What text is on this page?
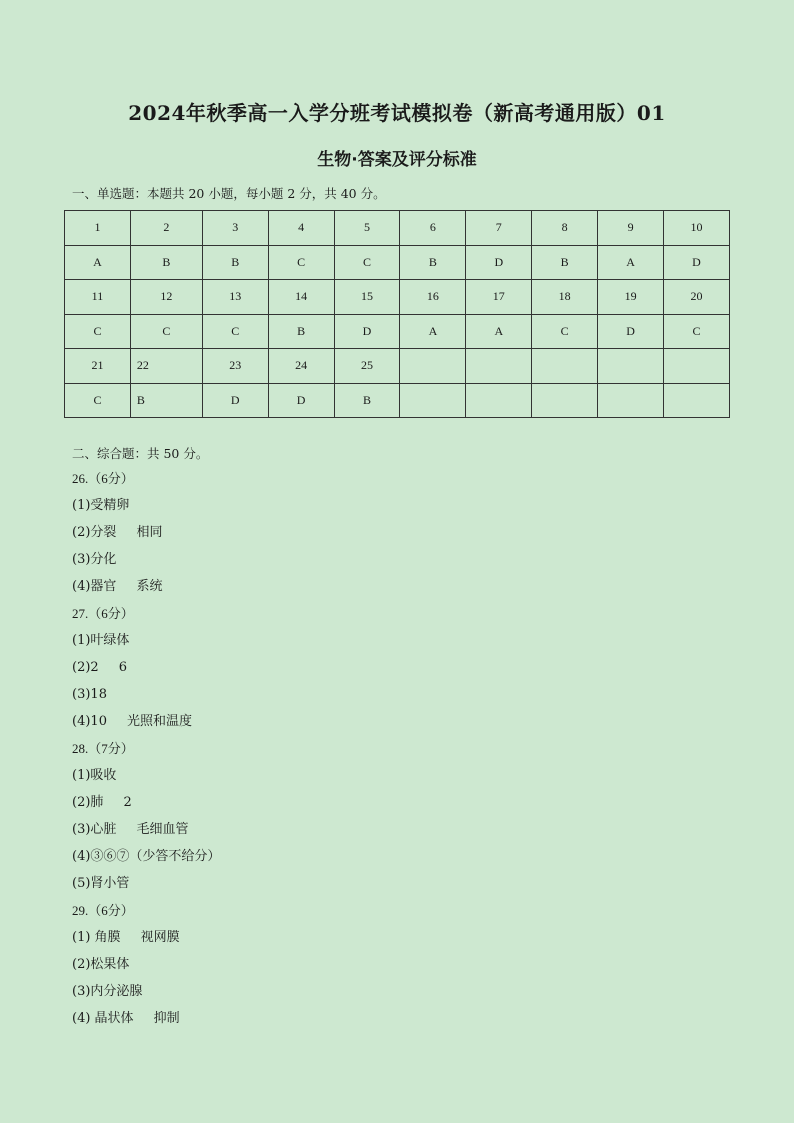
2024年秋季高一入学分班考试模拟卷（新高考通用版）01
生物·答案及评分标准
一、单选题：本题共 20 小题，每小题 2 分，共 40 分。
1	2	3	4	5	6	7	8	9	10
A	B	B	C	C	B	D	B	A	D
11	12	13	14	15	16	17	18	19	20
C	C	C	B	D	A	A	C	D	C
21	22	23	24	25					
C	B	D	D	B					
二、综合题：共 50 分。
26.（6分）
(1)受精卵
(2)分裂 相同
(3)分化
(4)器官 系统
27.（6分）
(1)叶绿体
(2)2 6
(3)18
(4)10 光照和温度
28.（7分）
(1)吸收
(2)肺 2
(3)心脏 毛细血管
(4)③⑥⑦（少答不给分）
(5)肾小管
29.（6分）
(1) 角膜 视网膜
(2)松果体
(3)内分泌腺
(4) 晶状体 抑制
